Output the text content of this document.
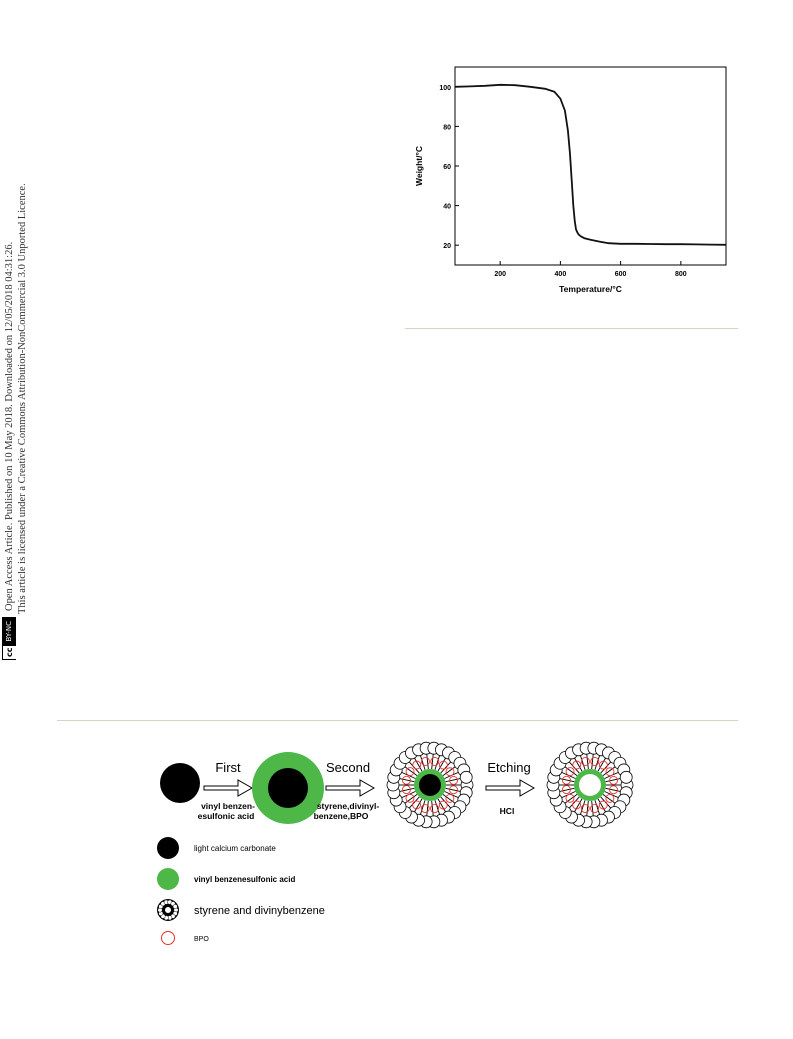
cc
BY-NC
Open Access Article. Published on 10 May 2018. Downloaded on 12/05/2018 04:31:26. This article is licensed under a Creative Commons Attribution-NonCommercial 3.0 Unported Licence.	20
40
60
80
100
200	400	600	800
Temperature/°C
Weight/°C
First
vinyl benzen-
esulfonic acid
Second
styrene,divinyl-
benzene,BPO
Etching
HCl
light calcium carbonate
vinyl benzenesulfonic acid
styrene and divinybenzene
BPO
